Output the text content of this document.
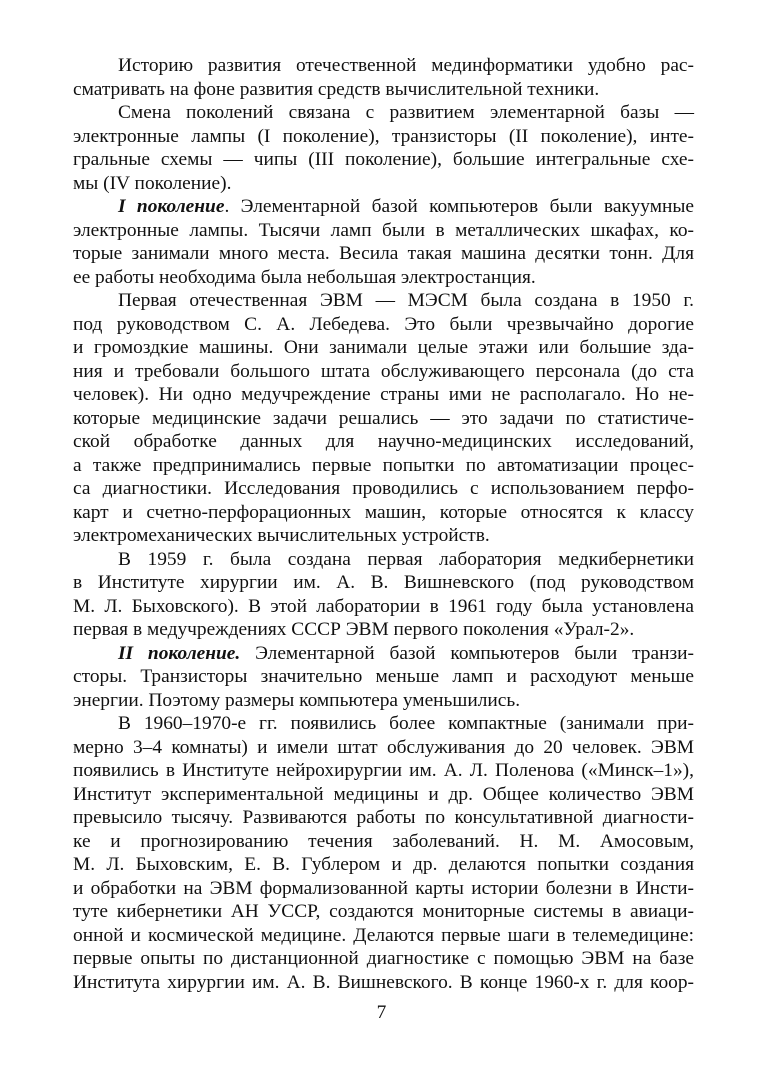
Историю развития отечественной мединформатики удобно рас-
сматривать на фоне развития средств вычислительной техники.
Смена поколений связана с развитием элементарной базы —
электронные лампы (I поколение), транзисторы (II поколение), инте-
гральные схемы — чипы (III поколение), большие интегральные схе-
мы (IV поколение).
I поколение. Элементарной базой компьютеров были вакуумные
электронные лампы. Тысячи ламп были в металлических шкафах, ко-
торые занимали много места. Весила такая машина десятки тонн. Для
ее работы необходима была небольшая электростанция.
Первая отечественная ЭВМ — МЭСМ была создана в 1950 г.
под руководством С. А. Лебедева. Это были чрезвычайно дорогие
и громоздкие машины. Они занимали целые этажи или большие зда-
ния и требовали большого штата обслуживающего персонала (до ста
человек). Ни одно медучреждение страны ими не располагало. Но не-
которые медицинские задачи решались — это задачи по статистиче-
ской обработке данных для научно-медицинских исследований,
а также предпринимались первые попытки по автоматизации процес-
са диагностики. Исследования проводились с использованием перфо-
карт и счетно-перфорационных машин, которые относятся к классу
электромеханических вычислительных устройств.
В 1959 г. была создана первая лаборатория медкибернетики
в Институте хирургии им. А. В. Вишневского (под руководством
М. Л. Быховского). В этой лаборатории в 1961 году была установлена
первая в медучреждениях СССР ЭВМ первого поколения «Урал-2».
II поколение. Элементарной базой компьютеров были транзи-
сторы. Транзисторы значительно меньше ламп и расходуют меньше
энергии. Поэтому размеры компьютера уменьшились.
В 1960–1970-е гг. появились более компактные (занимали при-
мерно 3–4 комнаты) и имели штат обслуживания до 20 человек. ЭВМ
появились в Институте нейрохирургии им. А. Л. Поленова («Минск–1»),
Институт экспериментальной медицины и др. Общее количество ЭВМ
превысило тысячу. Развиваются работы по консультативной диагности-
ке и прогнозированию течения заболеваний. Н. М. Амосовым,
М. Л. Быховским, Е. В. Гублером и др. делаются попытки создания
и обработки на ЭВМ формализованной карты истории болезни в Инсти-
туте кибернетики АН УССР, создаются мониторные системы в авиаци-
онной и космической медицине. Делаются первые шаги в телемедицине:
первые опыты по дистанционной диагностике с помощью ЭВМ на базе
Института хирургии им. А. В. Вишневского. В конце 1960-х г. для коор-
7
